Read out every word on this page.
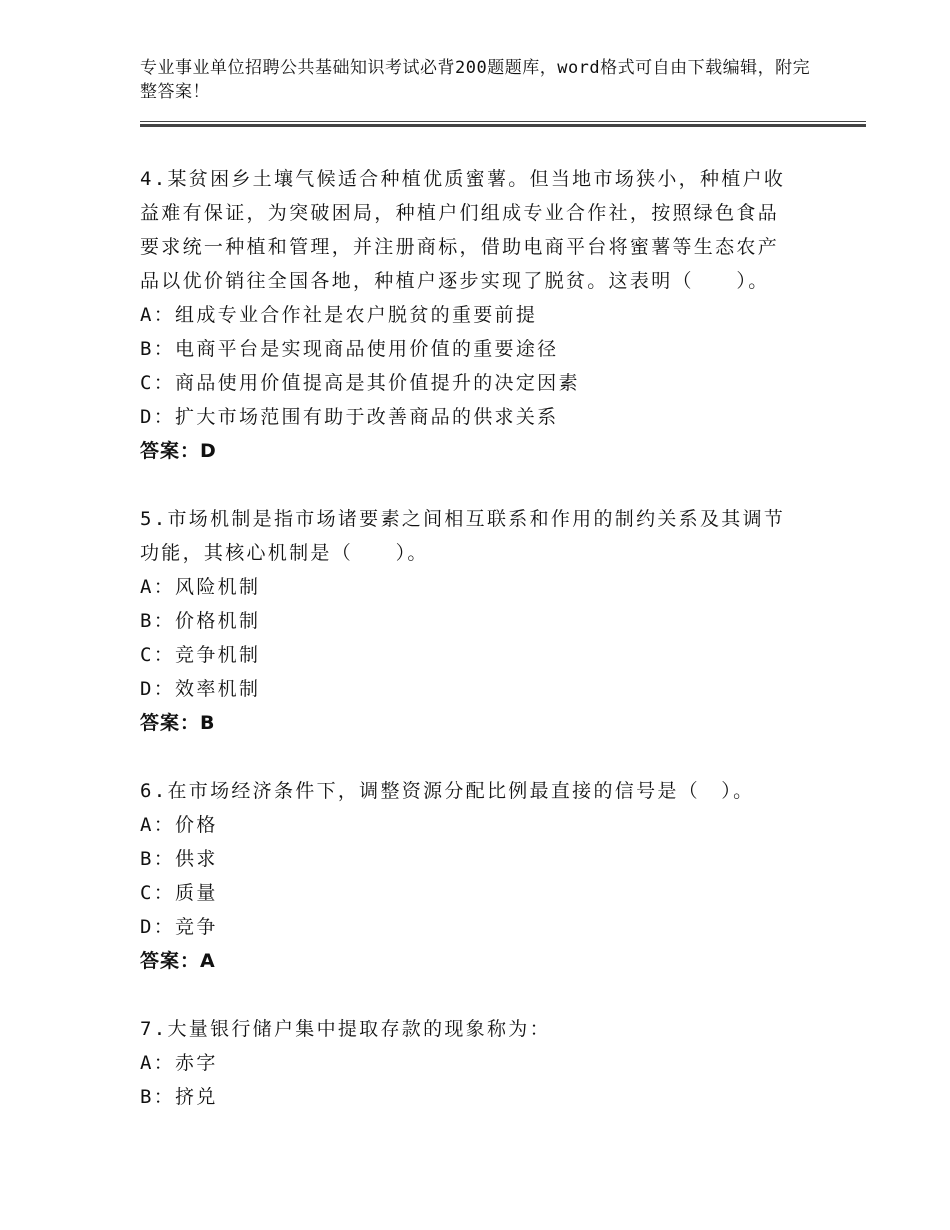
专业事业单位招聘公共基础知识考试必背200题题库，word格式可自由下载编辑，附完整答案！

4.某贫困乡土壤气候适合种植优质蜜薯。但当地市场狭小，种植户收益难有保证，为突破困局，种植户们组成专业合作社，按照绿色食品要求统一种植和管理，并注册商标，借助电商平台将蜜薯等生态农产品以优价销往全国各地，种植户逐步实现了脱贫。这表明（　　）。

A：组成专业合作社是农户脱贫的重要前提

B：电商平台是实现商品使用价值的重要途径

C：商品使用价值提高是其价值提升的决定因素

D：扩大市场范围有助于改善商品的供求关系

答案：D

5.市场机制是指市场诸要素之间相互联系和作用的制约关系及其调节功能，其核心机制是（　　）。

A：风险机制

B：价格机制

C：竞争机制

D：效率机制

答案：B

6.在市场经济条件下，调整资源分配比例最直接的信号是（　）。

A：价格

B：供求

C：质量

D：竞争

答案：A

7.大量银行储户集中提取存款的现象称为：

A：赤字

B：挤兑
